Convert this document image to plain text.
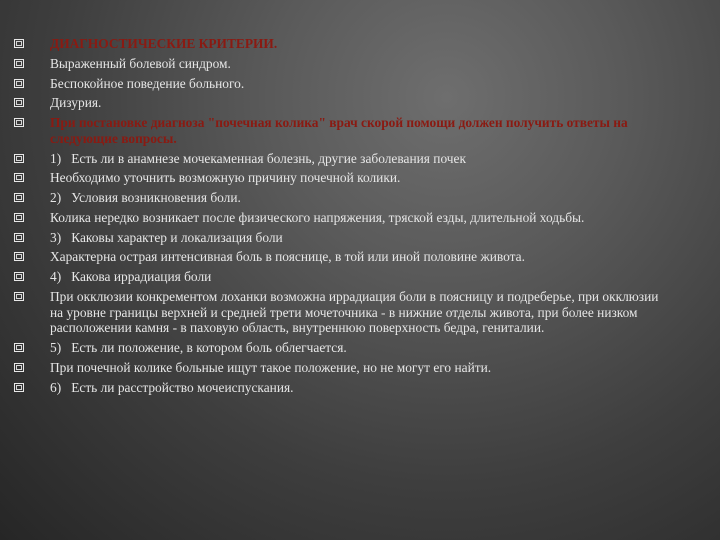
ДИАГНОСТИЧЕСКИЕ КРИТЕРИИ.
Выраженный болевой синдром.
Беспокойное поведение больного.
Дизурия.
При постановке диагноза "почечная колика" врач скорой помощи должен получить ответы на следующие вопросы.
1)   Есть ли в анамнезе мочекаменная болезнь, другие заболевания почек
Необходимо уточнить возможную причину почечной колики.
2)   Условия возникновения боли.
Колика нередко возникает после физического напряжения, тряской езды, длительной ходьбы.
3)   Каковы характер и локализация боли
Характерна острая интенсивная боль в пояснице, в той или иной половине живота.
4)   Какова иррадиация боли
При окклюзии конкрементом лоханки возможна иррадиация боли в поясницу и подреберье, при окклюзии на уровне границы верхней и средней трети мочеточника - в нижние отделы живота, при более низком расположении камня - в паховую область, внутреннюю поверхность бедра, гениталии.
5)   Есть ли положение, в котором боль облегчается.
При почечной колике больные ищут такое положение, но не могут его найти.
6)   Есть ли расстройство мочеиспускания.
